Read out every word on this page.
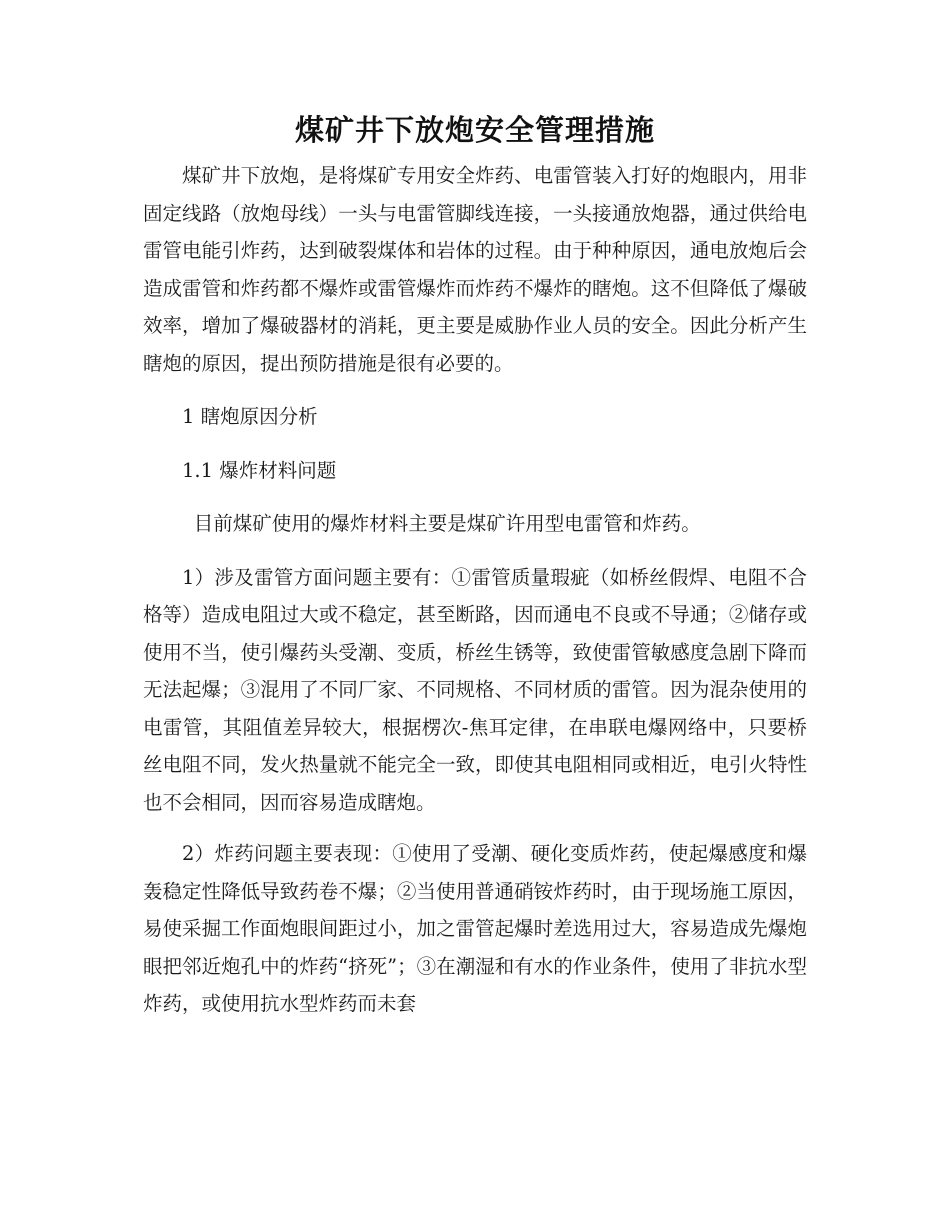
煤矿井下放炮安全管理措施

煤矿井下放炮，是将煤矿专用安全炸药、电雷管装入打好的炮眼内，用非固定线路（放炮母线）一头与电雷管脚线连接，一头接通放炮器，通过供给电雷管电能引炸药，达到破裂煤体和岩体的过程。由于种种原因，通电放炮后会造成雷管和炸药都不爆炸或雷管爆炸而炸药不爆炸的瞎炮。这不但降低了爆破效率，增加了爆破器材的消耗，更主要是威胁作业人员的安全。因此分析产生瞎炮的原因，提出预防措施是很有必要的。

1 瞎炮原因分析

1.1 爆炸材料问题

目前煤矿使用的爆炸材料主要是煤矿许用型电雷管和炸药。

1）涉及雷管方面问题主要有：①雷管质量瑕疵（如桥丝假焊、电阻不合格等）造成电阻过大或不稳定，甚至断路，因而通电不良或不导通；②储存或使用不当，使引爆药头受潮、变质，桥丝生锈等，致使雷管敏感度急剧下降而无法起爆；③混用了不同厂家、不同规格、不同材质的雷管。因为混杂使用的电雷管，其阻值差异较大，根据楞次-焦耳定律，在串联电爆网络中，只要桥丝电阻不同，发火热量就不能完全一致，即使其电阻相同或相近，电引火特性也不会相同，因而容易造成瞎炮。

2）炸药问题主要表现：①使用了受潮、硬化变质炸药，使起爆感度和爆轰稳定性降低导致药卷不爆；②当使用普通硝铵炸药时，由于现场施工原因，易使采掘工作面炮眼间距过小，加之雷管起爆时差选用过大，容易造成先爆炮眼把邻近炮孔中的炸药“挤死”；③在潮湿和有水的作业条件，使用了非抗水型炸药，或使用抗水型炸药而未套
